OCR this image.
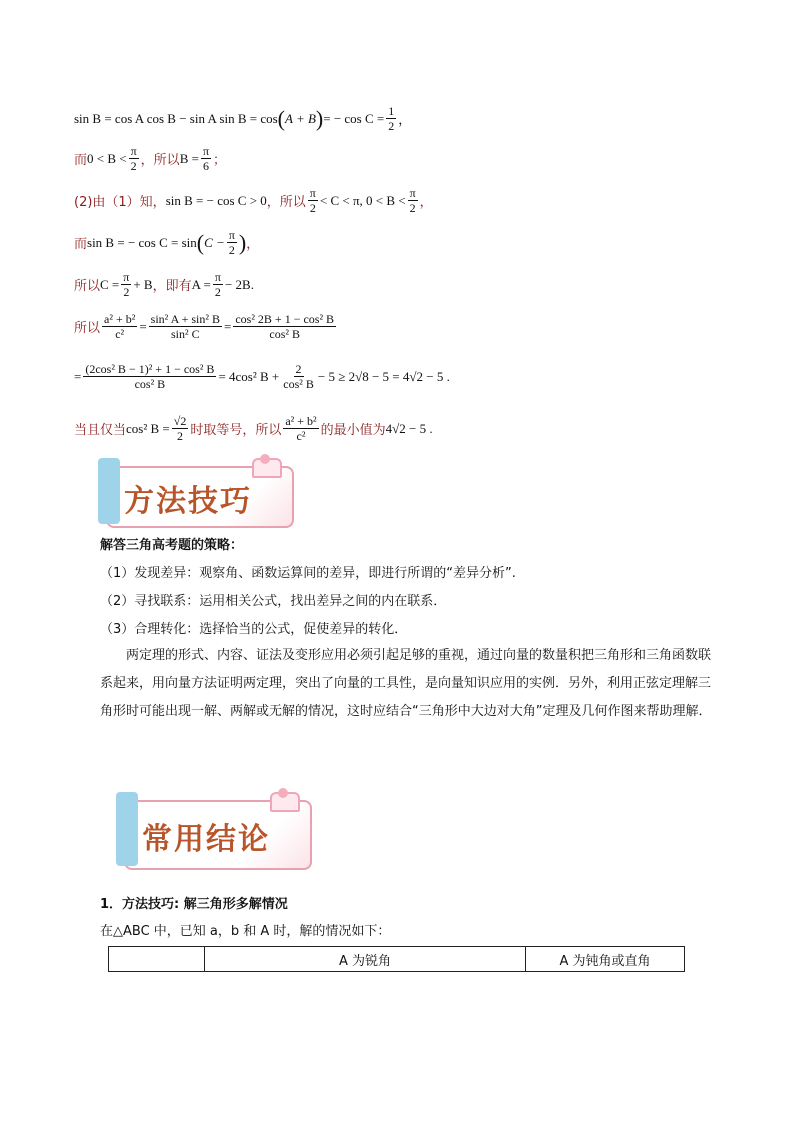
sin B = cos A cos B − sin A sin B = cos ( A + B ) = − $\cos C = \frac{1}{2}$ ，
而 $0 < B < \frac{\pi}{2}$ ，所以 $B = \frac{\pi}{6}$ ；
(2)由（1）知， sin B = − cos C > 0 ，所以 $\frac{\pi}{2} < C < \pi$, $0 < B < \frac{\pi}{2}$ ，
而 sin B = − cos C = sin ( $C - \frac{\pi}{2}$ ) ，
所以 $C = \frac{\pi}{2} + B$ ，即有 $A = \frac{\pi}{2} - 2B$ .
所以 $\frac{\text{a² + b²}}{\text{c²}} = \frac{\text{sin² A + sin² B}}{\text{sin² C}} = \frac{\text{cos² 2B + 1 − cos² B}}{\text{cos² B}}$
= $\frac{\text{(2cos² B − 1)² + 1 − cos² B}}{\text{cos² B}} = 4\cos^2$ $B + \frac{2}{\text{cos² B}} - 5 \ge 2√8 - 5 = 4√2 - 5$ .
当且仅当 cos² $B = \frac{√2}{2}$ 时取等号，所以 $\frac{\text{a² + b²}}{\text{c²}}$ 的最小值为 4√2 − 5 .
方法技巧
解答三角高考题的策略：
（1）发现差异：观察角、函数运算间的差异，即进行所谓的“差异分析”.
（2）寻找联系：运用相关公式，找出差异之间的内在联系．
（3）合理转化：选择恰当的公式，促使差异的转化．
两定理的形式、内容、证法及变形应用必须引起足够的重视，通过向量的数量积把三角形和三角函数联系起来，用向量方法证明两定理，突出了向量的工具性，是向量知识应用的实例．另外，利用正弦定理解三角形时可能出现一解、两解或无解的情况，这时应结合“三角形中大边对大角”定理及几何作图来帮助理解．
常用结论
1．方法技巧: 解三角形多解情况
在△ABC 中，已知 a，b 和 A 时，解的情况如下：
	A 为锐角	A 为钝角或直角
